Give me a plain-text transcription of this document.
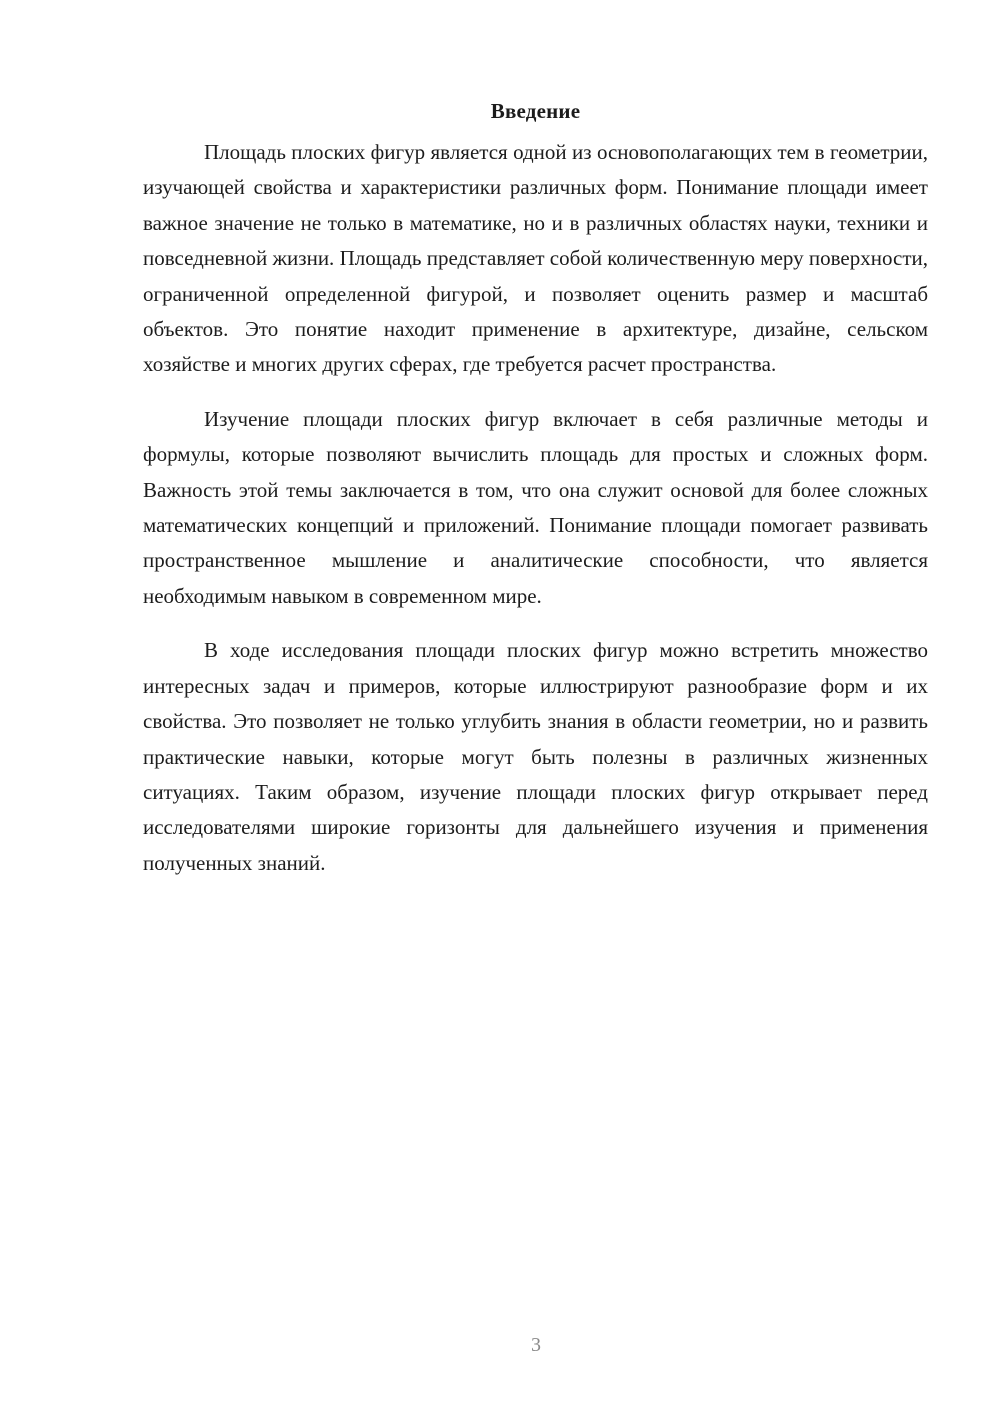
Введение

Площадь плоских фигур является одной из основополагающих тем в геометрии, изучающей свойства и характеристики различных форм. Понимание площади имеет важное значение не только в математике, но и в различных областях науки, техники и повседневной жизни. Площадь представляет собой количественную меру поверхности, ограниченной определенной фигурой, и позволяет оценить размер и масштаб объектов. Это понятие находит применение в архитектуре, дизайне, сельском хозяйстве и многих других сферах, где требуется расчет пространства.

Изучение площади плоских фигур включает в себя различные методы и формулы, которые позволяют вычислить площадь для простых и сложных форм. Важность этой темы заключается в том, что она служит основой для более сложных математических концепций и приложений. Понимание площади помогает развивать пространственное мышление и аналитические способности, что является необходимым навыком в современном мире.

В ходе исследования площади плоских фигур можно встретить множество интересных задач и примеров, которые иллюстрируют разнообразие форм и их свойства. Это позволяет не только углубить знания в области геометрии, но и развить практические навыки, которые могут быть полезны в различных жизненных ситуациях. Таким образом, изучение площади плоских фигур открывает перед исследователями широкие горизонты для дальнейшего изучения и применения полученных знаний.

3
